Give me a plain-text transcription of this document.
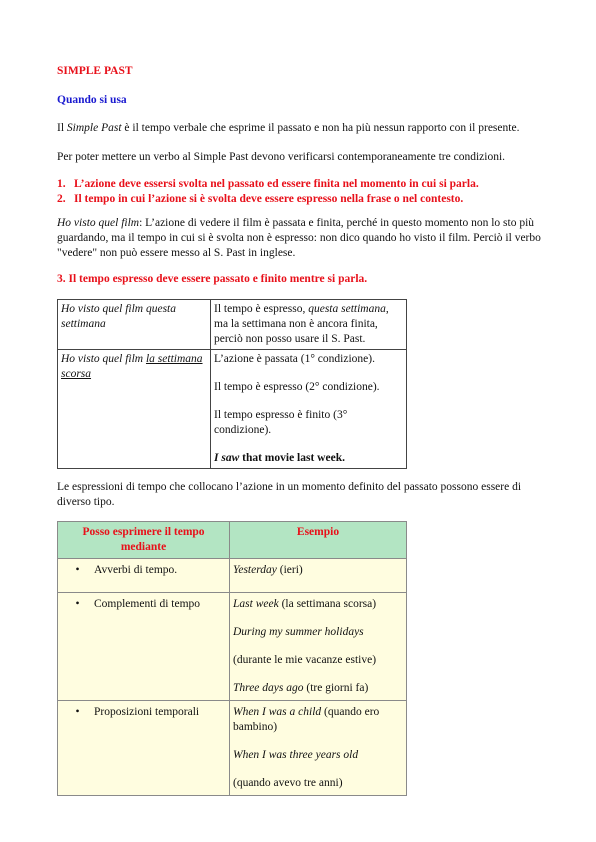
SIMPLE PAST

Quando si usa

Il Simple Past è il tempo verbale che esprime il passato e non ha più nessun rapporto con il presente.

Per poter mettere un verbo al Simple Past devono verificarsi contemporaneamente tre condizioni.

1. L’azione deve essersi svolta nel passato ed essere finita nel momento in cui si parla.
2. Il tempo in cui l’azione si è svolta deve essere espresso nella frase o nel contesto.

Ho visto quel film: L’azione di vedere il film è passata e finita, perché in questo momento non lo sto più guardando, ma il tempo in cui si è svolta non è espresso: non dico quando ho visto il film. Perciò il verbo "vedere" non può essere messo al S. Past in inglese.

3. Il tempo espresso deve essere passato e finito mentre si parla.

Ho visto quel film questa settimana	Il tempo è espresso, questa settimana, ma la settimana non è ancora finita, perciò non posso usare il S. Past.
Ho visto quel film la settimana scorsa	L’azione è passata (1° condizione).

Il tempo è espresso (2° condizione).

Il tempo espresso è finito (3° condizione).

I saw that movie last week.

Le espressioni di tempo che collocano l’azione in un momento definito del passato possono essere di diverso tipo.

Posso esprimere il tempo mediante	Esempio
• Avverbi di tempo.	Yesterday (ieri)

• Complementi di tempo	Last week (la settimana scorsa)

During my summer holidays

(durante le mie vacanze estive)

Three days ago (tre giorni fa)

• Proposizioni temporali	When I was a child (quando ero bambino)

When I was three years old

(quando avevo tre anni)
